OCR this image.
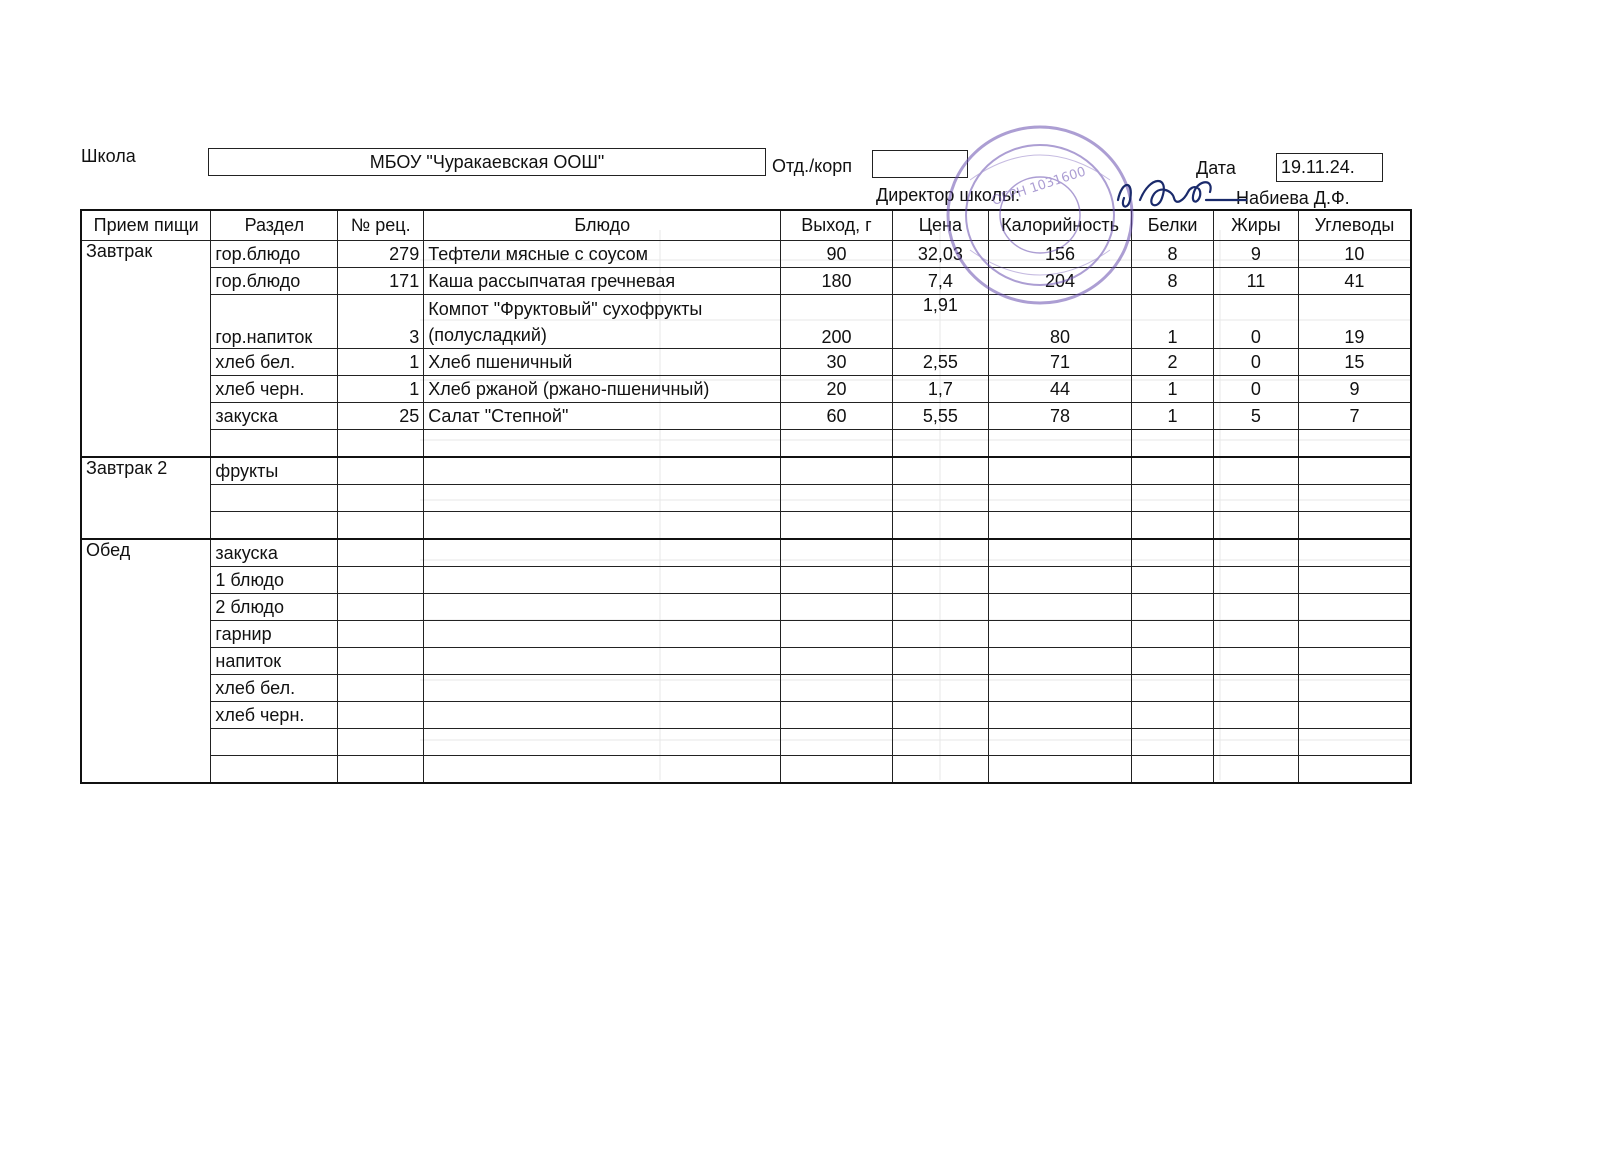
Школа	МБОУ "Чуракаевская ООШ"	Отд./корп	Дата	19.11.24.
Директор школы:	Набиева Д.Ф.
Прием пищи	Раздел	№ рец.	Блюдо	Выход, г	Цена	Калорийность	Белки	Жиры	Углеводы
Завтрак	гор.блюдо	279	Тефтели мясные с соусом	90	32,03	156	8	9	10
	гор.блюдо	171	Каша рассыпчатая гречневая	180	7,4	204	8	11	41
	гор.напиток	3	Компот "Фруктовый" сухофрукты (полусладкий)	200	1,91	80	1	0	19
	хлеб бел.	1	Хлеб пшеничный	30	2,55	71	2	0	15
	хлеб черн.	1	Хлеб ржаной (ржано-пшеничный)	20	1,7	44	1	0	9
	закуска	25	Салат "Степной"	60	5,55	78	1	5	7

Завтрак 2	фрукты								

Обед	закуска								
	1 блюдо								
	2 блюдо								
	гарнир								
	напиток								
	хлеб бел.								
	хлеб черн.								

ОГРН 1031600
